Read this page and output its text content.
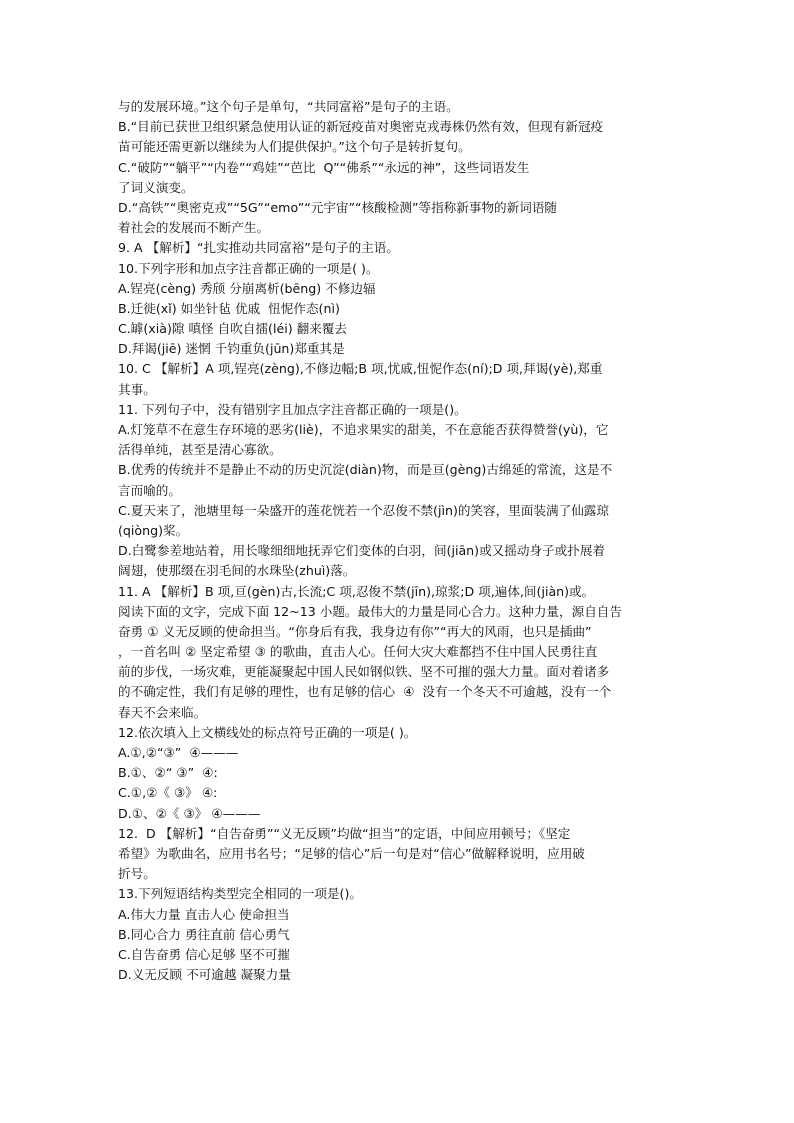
与的发展环境。”这个句子是单句，“共同富裕”是句子的主语。
B.“目前已获世卫组织紧急使用认证的新冠疫苗对奥密克戎毒株仍然有效，但现有新冠疫
苗可能还需更新以继续为人们提供保护。”这个句子是转折复句。
C.“破防”“躺平”“内卷”“鸡娃”“芭比  Q”“佛系”“永远的神”，这些词语发生
了词义演变。
D.“高铁”“奥密克戎”“5G”“emo”“元宇宙”“核酸检测”等指称新事物的新词语随
着社会的发展而不断产生。
9. A 【解析】“扎实推动共同富裕”是句子的主语。
10.下列字形和加点字注音都正确的一项是( )。
A.锃亮(cèng) 秀颀 分崩离析(bēng) 不修边辐
B.迁徙(xǐ) 如坐针毡 优戚  忸怩作态(nì)
C.罅(xià)隙 嗔怪 自吹自擂(léi) 翻来覆去
D.拜谒(jiē) 迷惘 千钧重负(jūn)郑重其是
10. C 【解析】A 项,锃亮(zèng),不修边幅;B 项,忧戚,忸怩作态(ní);D 项,拜谒(yè),郑重
其事。
11. 下列句子中，没有错别字且加点字注音都正确的一项是()。
A.灯笼草不在意生存环境的恶劣(liè)，不追求果实的甜美，不在意能否获得赞誉(yù)，它
活得单纯，甚至是清心寡欲。
B.优秀的传统并不是静止不动的历史沉淀(diàn)物，而是亘(gèng)古绵延的常流，这是不
言而喻的。
C.夏天来了，池塘里每一朵盛开的莲花恍若一个忍俊不禁(jìn)的笑容，里面装满了仙露琼
(qiòng)桨。
D.白鹭参差地站着，用长喙细细地抚弄它们变体的白羽，间(jiān)或又摇动身子或扑展着
阔翅，使那缀在羽毛间的水珠坠(zhuì)落。
11. A 【解析】B 项,亘(gèn)古,长流;C 项,忍俊不禁(jīn),琼浆;D 项,遍体,间(jiàn)或。
阅读下面的文字，完成下面 12~13 小题。最伟大的力量是同心合力。这种力量，源自自告
奋勇 ① 义无反顾的使命担当。“你身后有我，我身边有你”“再大的风雨，也只是插曲”
，一首名叫 ② 坚定希望 ③ 的歌曲，直击人心。任何大灾大难都挡不住中国人民勇往直
前的步伐，一场灾难，更能凝聚起中国人民如钢似铁、坚不可摧的强大力量。面对着诸多
的不确定性，我们有足够的理性，也有足够的信心  ④  没有一个冬天不可逾越，没有一个
春天不会来临。
12.依次填入上文横线处的标点符号正确的一项是( )。
A.①,②“③”  ④———
B.①、②“ ③”  ④:
C.①,②《 ③》 ④:
D.①、②《 ③》 ④———
12.  D 【解析】“自告奋勇”“义无反顾”均做“担当”的定语，中间应用顿号；《坚定
希望》为歌曲名，应用书名号；“足够的信心”后一句是对“信心”做解释说明，应用破
折号。
13.下列短语结构类型完全相同的一项是()。
A.伟大力量 直击人心 使命担当
B.同心合力 勇往直前 信心勇气
C.自告奋勇 信心足够 坚不可摧
D.义无反顾 不可逾越 凝聚力量
